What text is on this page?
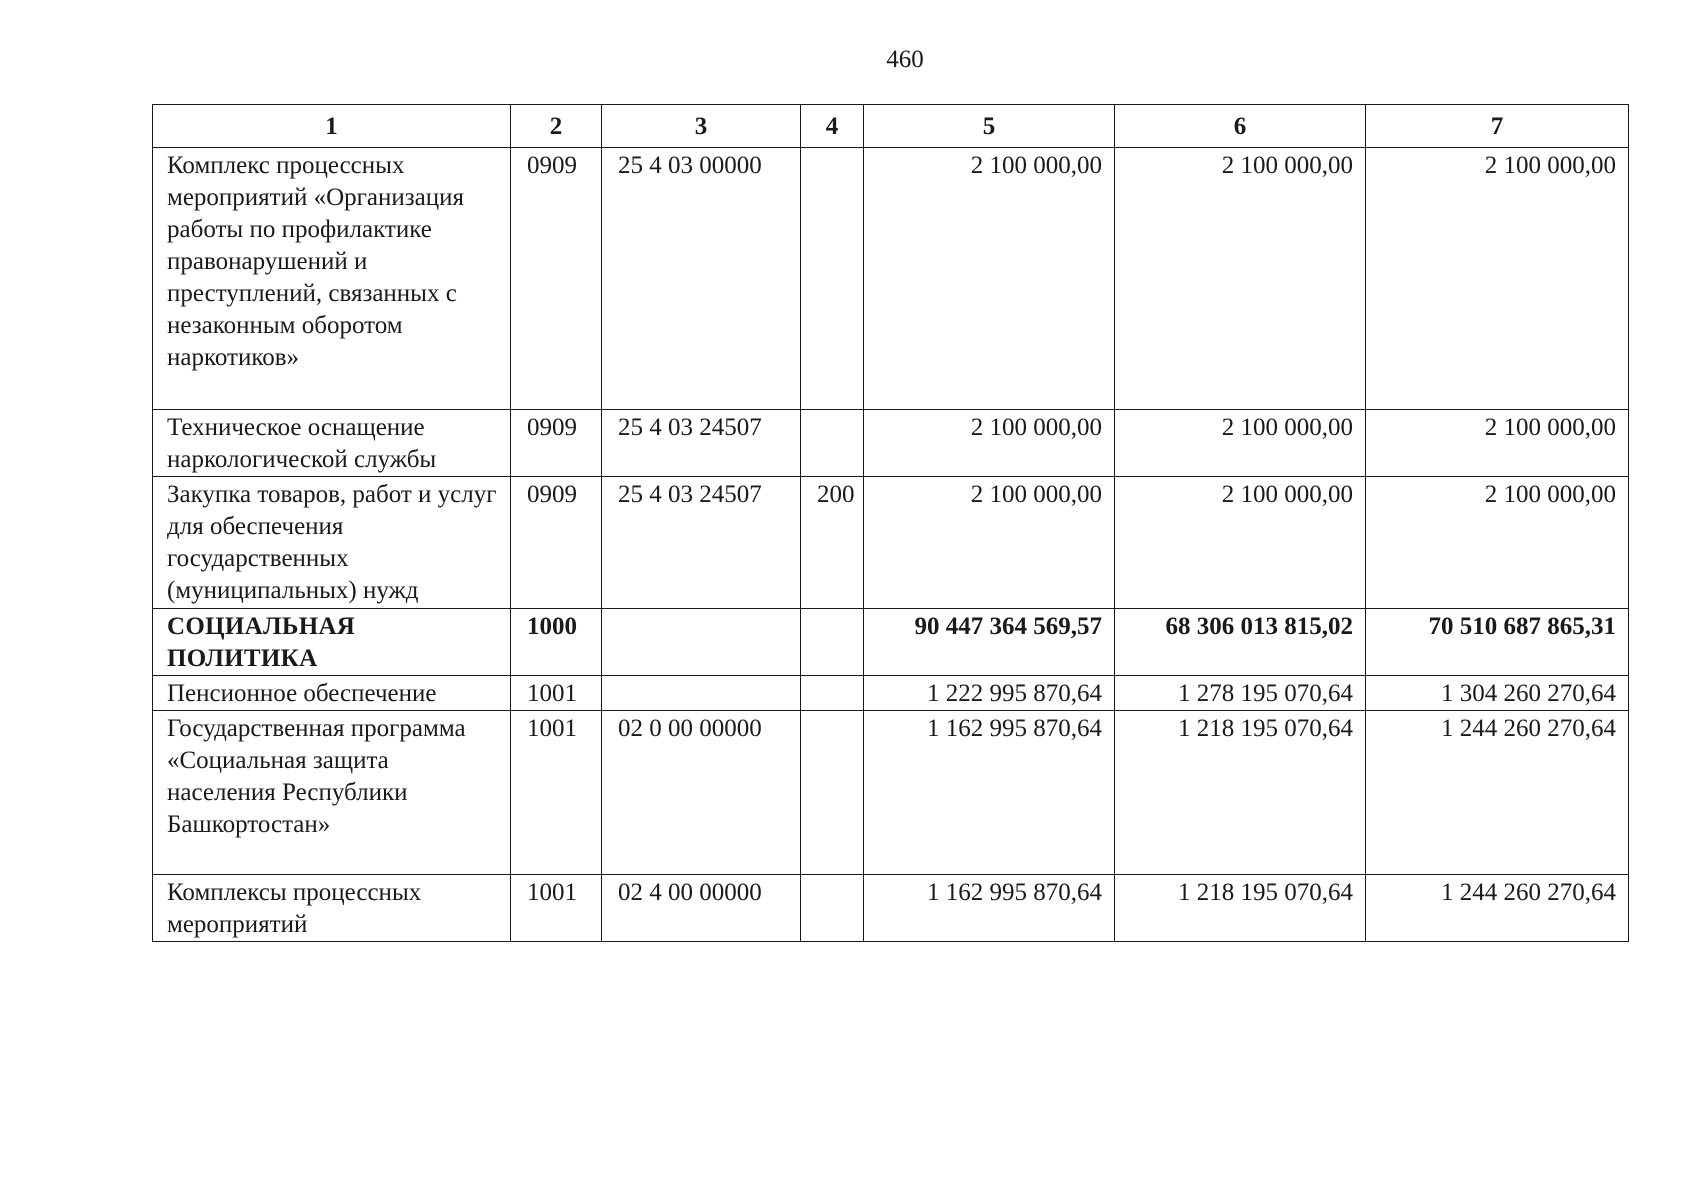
460
1	2	3	4	5	6	7
Комплекс процессных мероприятий «Организация работы по профилактике правонарушений и преступлений, связанных с незаконным оборотом наркотиков»	0909	25 4 03 00000		2 100 000,00	2 100 000,00	2 100 000,00
Техническое оснащение наркологической службы	0909	25 4 03 24507		2 100 000,00	2 100 000,00	2 100 000,00
Закупка товаров, работ и услуг для обеспечения государственных (муниципальных) нужд	0909	25 4 03 24507	200	2 100 000,00	2 100 000,00	2 100 000,00
СОЦИАЛЬНАЯ ПОЛИТИКА	1000			90 447 364 569,57	68 306 013 815,02	70 510 687 865,31
Пенсионное обеспечение	1001			1 222 995 870,64	1 278 195 070,64	1 304 260 270,64
Государственная программа «Социальная защита населения Республики Башкортостан»	1001	02 0 00 00000		1 162 995 870,64	1 218 195 070,64	1 244 260 270,64
Комплексы процессных мероприятий	1001	02 4 00 00000		1 162 995 870,64	1 218 195 070,64	1 244 260 270,64
